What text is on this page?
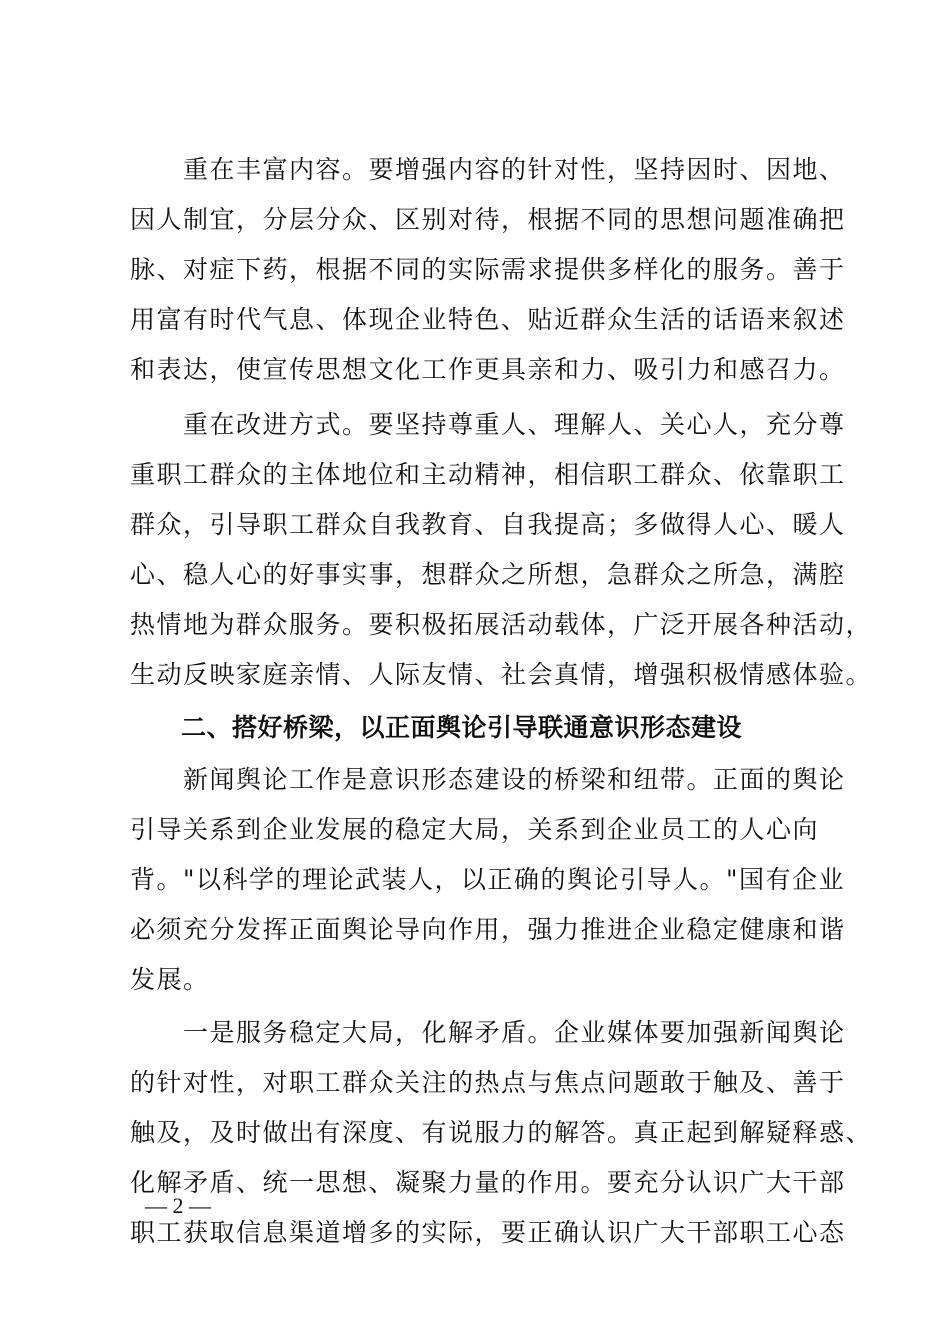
　　重在丰富内容。要增强内容的针对性，坚持因时、因地、
因人制宜，分层分众、区别对待，根据不同的思想问题准确把
脉、对症下药，根据不同的实际需求提供多样化的服务。善于
用富有时代气息、体现企业特色、贴近群众生活的话语来叙述
和表达，使宣传思想文化工作更具亲和力、吸引力和感召力。
　　重在改进方式。要坚持尊重人、理解人、关心人，充分尊
重职工群众的主体地位和主动精神，相信职工群众、依靠职工
群众，引导职工群众自我教育、自我提高；多做得人心、暖人
心、稳人心的好事实事，想群众之所想，急群众之所急，满腔
热情地为群众服务。要积极拓展活动载体，广泛开展各种活动，
生动反映家庭亲情、人际友情、社会真情，增强积极情感体验。
　　二、搭好桥梁，以正面舆论引导联通意识形态建设
　　新闻舆论工作是意识形态建设的桥梁和纽带。正面的舆论
引导关系到企业发展的稳定大局，关系到企业员工的人心向
背。"以科学的理论武装人，以正确的舆论引导人。"国有企业
必须充分发挥正面舆论导向作用，强力推进企业稳定健康和谐
发展。
　　一是服务稳定大局，化解矛盾。企业媒体要加强新闻舆论
的针对性，对职工群众关注的热点与焦点问题敢于触及、善于
触及，及时做出有深度、有说服力的解答。真正起到解疑释惑、
化解矛盾、统一思想、凝聚力量的作用。要充分认识广大干部
职工获取信息渠道增多的实际，要正确认识广大干部职工心态
— 2 —
